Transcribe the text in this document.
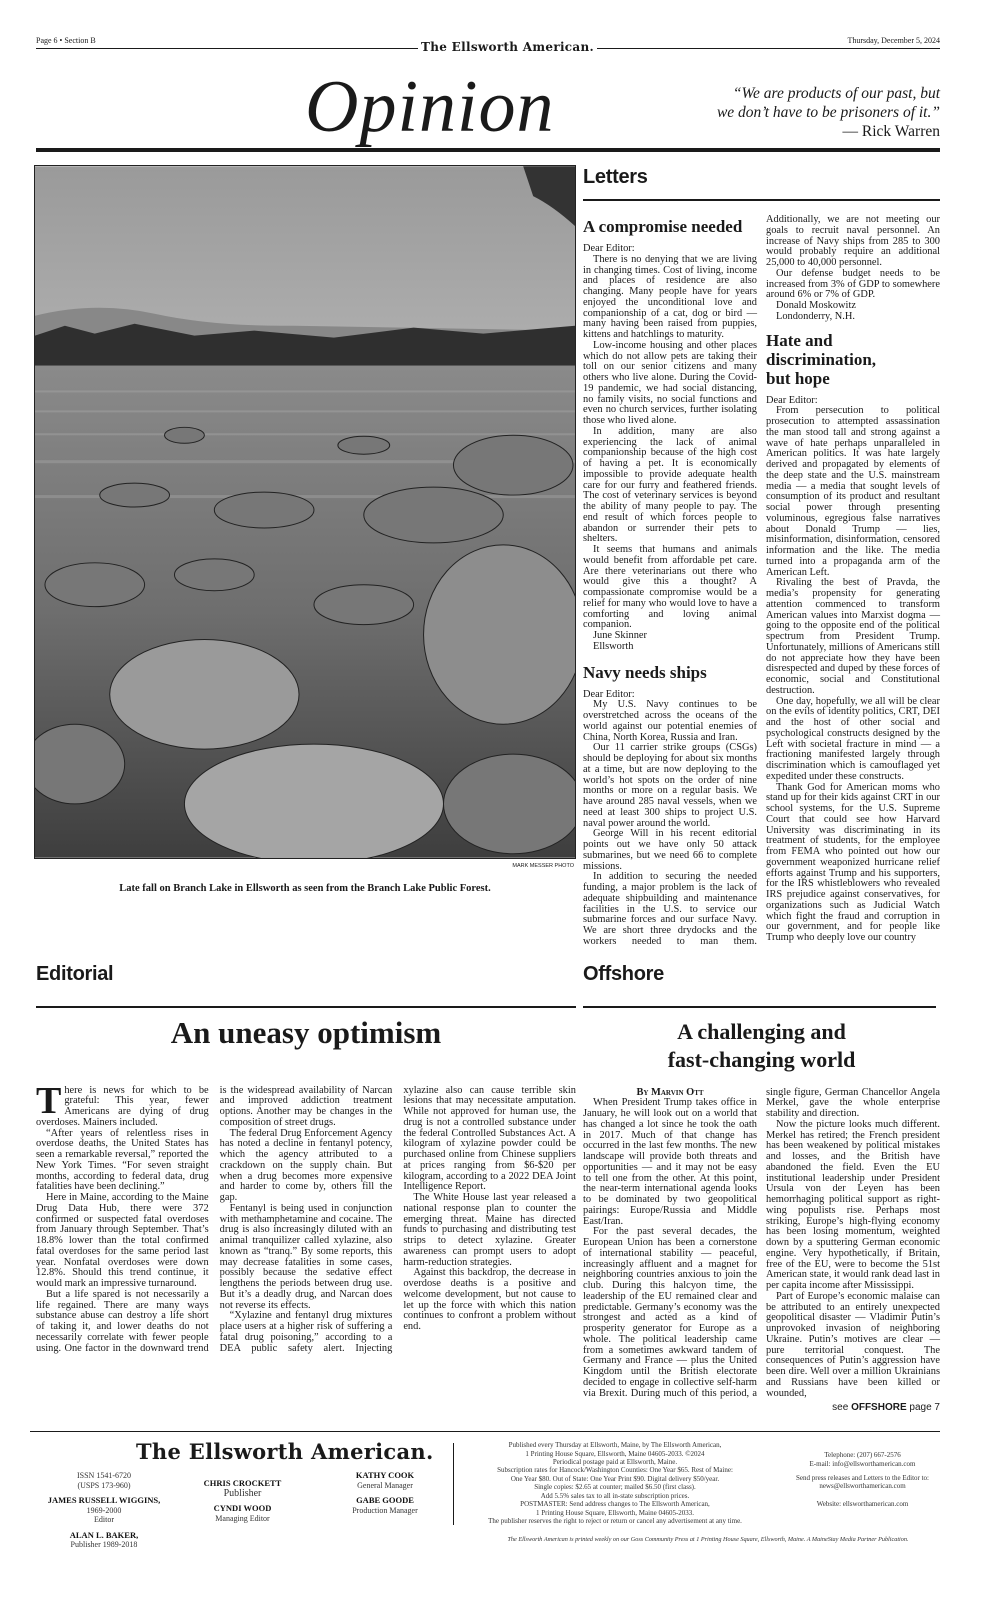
Page 6 • Section B	Thursday, December 5, 2024
The Ellsworth American.
Opinion	“We are products of our past, but
we don’t have to be prisoners of it.”
— Rick Warren
MARK MESSER PHOTO
Late fall on Branch Lake in Ellsworth as seen from the Branch Lake Public Forest.
Letters
A compromise needed

Dear Editor:

There is no denying that we are living in changing times. Cost of living, income and places of residence are also changing. Many people have for years enjoyed the unconditional love and companionship of a cat, dog or bird — many having been raised from puppies, kittens and hatchlings to maturity.

Low-income housing and other places which do not allow pets are taking their toll on our senior citizens and many others who live alone. During the Covid-19 pandemic, we had social distancing, no family visits, no social functions and even no church services, further isolating those who lived alone.

In addition, many are also experiencing the lack of animal companionship because of the high cost of having a pet. It is economically impossible to provide adequate health care for our furry and feathered friends. The cost of veterinary services is beyond the ability of many people to pay. The end result of which forces people to abandon or surrender their pets to shelters.

It seems that humans and animals would benefit from affordable pet care. Are there veterinarians out there who would give this a thought? A compassionate compromise would be a relief for many who would love to have a comforting and loving animal companion.

June Skinner

Ellsworth

Navy needs ships

Dear Editor:

My U.S. Navy continues to be overstretched across the oceans of the world against our potential enemies of China, North Korea, Russia and Iran.

Our 11 carrier strike groups (CSGs) should be deploying for about six months at a time, but are now deploying to the world’s hot spots on the order of nine months or more on a regular basis. We have around 285 naval vessels, when we need at least 300 ships to project U.S. naval power around the world.

George Will in his recent editorial points out we have only 50 attack submarines, but we need 66 to complete missions.

In addition to securing the needed funding, a major problem is the lack of adequate shipbuilding and maintenance facilities in the U.S. to service our submarine forces and our surface Navy. We are short three drydocks and the workers needed to man them. Additionally, we are not meeting our goals to recruit naval personnel. An increase of Navy ships from 285 to 300 would probably require an additional 25,000 to 40,000 personnel.

Our defense budget needs to be increased from 3% of GDP to somewhere around 6% or 7% of GDP.

Donald Moskowitz

Londonderry, N.H.

Hate and discrimination, but hope

Dear Editor:

From persecution to political prosecution to attempted assassination the man stood tall and strong against a wave of hate perhaps unparalleled in American politics. It was hate largely derived and propagated by elements of the deep state and the U.S. mainstream media — a media that sought levels of consumption of its product and resultant social power through presenting voluminous, egregious false narratives about Donald Trump — lies, misinformation, disinformation, censored information and the like. The media turned into a propaganda arm of the American Left.

Rivaling the best of Pravda, the media’s propensity for generating attention commenced to transform American values into Marxist dogma — going to the opposite end of the political spectrum from President Trump. Unfortunately, millions of Americans still do not appreciate how they have been disrespected and duped by these forces of economic, social and Constitutional destruction.

One day, hopefully, we all will be clear on the evils of identity politics, CRT, DEI and the host of other social and psychological constructs designed by the Left with societal fracture in mind — a fractioning manifested largely through discrimination which is camouflaged yet expedited under these constructs.

Thank God for American moms who stand up for their kids against CRT in our school systems, for the U.S. Supreme Court that could see how Harvard University was discriminating in its treatment of students, for the employee from FEMA who pointed out how our government weaponized hurricane relief efforts against Trump and his supporters, for the IRS whistleblowers who revealed IRS prejudice against conservatives, for organizations such as Judicial Watch which fight the fraud and corruption in our government, and for people like Trump who deeply love our country

Editorial
An uneasy optimism

There is news for which to be grateful: This year, fewer Americans are dying of drug overdoses. Mainers included.

“After years of relentless rises in overdose deaths, the United States has seen a remarkable reversal,” reported the New York Times. “For seven straight months, according to federal data, drug fatalities have been declining.”

Here in Maine, according to the Maine Drug Data Hub, there were 372 confirmed or suspected fatal overdoses from January through September. That’s 18.8% lower than the total confirmed fatal overdoses for the same period last year. Nonfatal overdoses were down 12.8%. Should this trend continue, it would mark an impressive turnaround.

But a life spared is not necessarily a life regained. There are many ways substance abuse can destroy a life short of taking it, and lower deaths do not necessarily correlate with fewer people using. One factor in the downward trend is the widespread availability of Narcan and improved addiction treatment options. Another may be changes in the composition of street drugs.

The federal Drug Enforcement Agency has noted a decline in fentanyl potency, which the agency attributed to a crackdown on the supply chain. But when a drug becomes more expensive and harder to come by, others fill the gap.

Fentanyl is being used in conjunction with methamphetamine and cocaine. The drug is also increasingly diluted with an animal tranquilizer called xylazine, also known as “tranq.” By some reports, this may decrease fatalities in some cases, possibly because the sedative effect lengthens the periods between drug use. But it’s a deadly drug, and Narcan does not reverse its effects.

“Xylazine and fentanyl drug mixtures place users at a higher risk of suffering a fatal drug poisoning,” according to a DEA public safety alert. Injecting xylazine also can cause terrible skin lesions that may necessitate amputation. While not approved for human use, the drug is not a controlled substance under the federal Controlled Substances Act. A kilogram of xylazine powder could be purchased online from Chinese suppliers at prices ranging from $6-$20 per kilogram, according to a 2022 DEA Joint Intelligence Report.

The White House last year released a national response plan to counter the emerging threat. Maine has directed funds to purchasing and distributing test strips to detect xylazine. Greater awareness can prompt users to adopt harm-reduction strategies.

Against this backdrop, the decrease in overdose deaths is a positive and welcome development, but not cause to let up the force with which this nation continues to confront a problem without end.

Offshore
A challenging and
fast-changing world

By Marvin Ott

When President Trump takes office in January, he will look out on a world that has changed a lot since he took the oath in 2017. Much of that change has occurred in the last few months. The new landscape will provide both threats and opportunities — and it may not be easy to tell one from the other. At this point, the near-term international agenda looks to be dominated by two geopolitical pairings: Europe/Russia and Middle East/Iran.

For the past several decades, the European Union has been a cornerstone of international stability — peaceful, increasingly affluent and a magnet for neighboring countries anxious to join the club. During this halcyon time, the leadership of the EU remained clear and predictable. Germany’s economy was the strongest and acted as a kind of prosperity generator for Europe as a whole. The political leadership came from a sometimes awkward tandem of Germany and France — plus the United Kingdom until the British electorate decided to engage in collective self-harm via Brexit. During much of this period, a single figure, German Chancellor Angela Merkel, gave the whole enterprise stability and direction.

Now the picture looks much different. Merkel has retired; the French president has been weakened by political mistakes and losses, and the British have abandoned the field. Even the EU institutional leadership under President Ursula von der Leyen has been hemorrhaging political support as right-wing populists rise. Perhaps most striking, Europe’s high-flying economy has been losing momentum, weighted down by a sputtering German economic engine. Very hypothetically, if Britain, free of the EU, were to become the 51st American state, it would rank dead last in per capita income after Mississippi.

Part of Europe’s economic malaise can be attributed to an entirely unexpected geopolitical disaster — Vladimir Putin’s unprovoked invasion of neighboring Ukraine. Putin’s motives are clear — pure territorial conquest. The consequences of Putin’s aggression have been dire. Well over a million Ukrainians and Russians have been killed or wounded,

see OFFSHORE page 7
The Ellsworth American.
ISSN 1541-6720
(USPS 173-960)
JAMES RUSSELL WIGGINS,
1969-2000
Editor
ALAN L. BAKER,
Publisher 1989-2018
CHRIS CROCKETT
Publisher
CYNDI WOOD
Managing Editor
KATHY COOK
General Manager
GABE GOODE
Production Manager
Published every Thursday at Ellsworth, Maine, by The Ellsworth American,
1 Printing House Square, Ellsworth, Maine 04605-2033. ©2024
Periodical postage paid at Ellsworth, Maine.
Subscription rates for Hancock/Washington Counties: One Year $65. Rest of Maine:
One Year $80. Out of State: One Year Print $90. Digital delivery $50/year.
Single copies: $2.65 at counter; mailed $6.50 (first class).
Add 5.5% sales tax to all in-state subscription prices.
POSTMASTER: Send address changes to The Ellsworth American,
1 Printing House Square, Ellsworth, Maine 04605-2033.
The publisher reserves the right to reject or return or cancel any advertisement at any time.
Telephone: (207) 667-2576
E-mail: info@ellsworthamerican.com
Send press releases and Letters to the Editor to:
news@ellsworthamerican.com
Website: ellsworthamerican.com
The Ellsworth American is printed weekly on our Goss Community Press at 1 Printing House Square, Ellsworth, Maine. A MaineStay Media Partner Publication.
